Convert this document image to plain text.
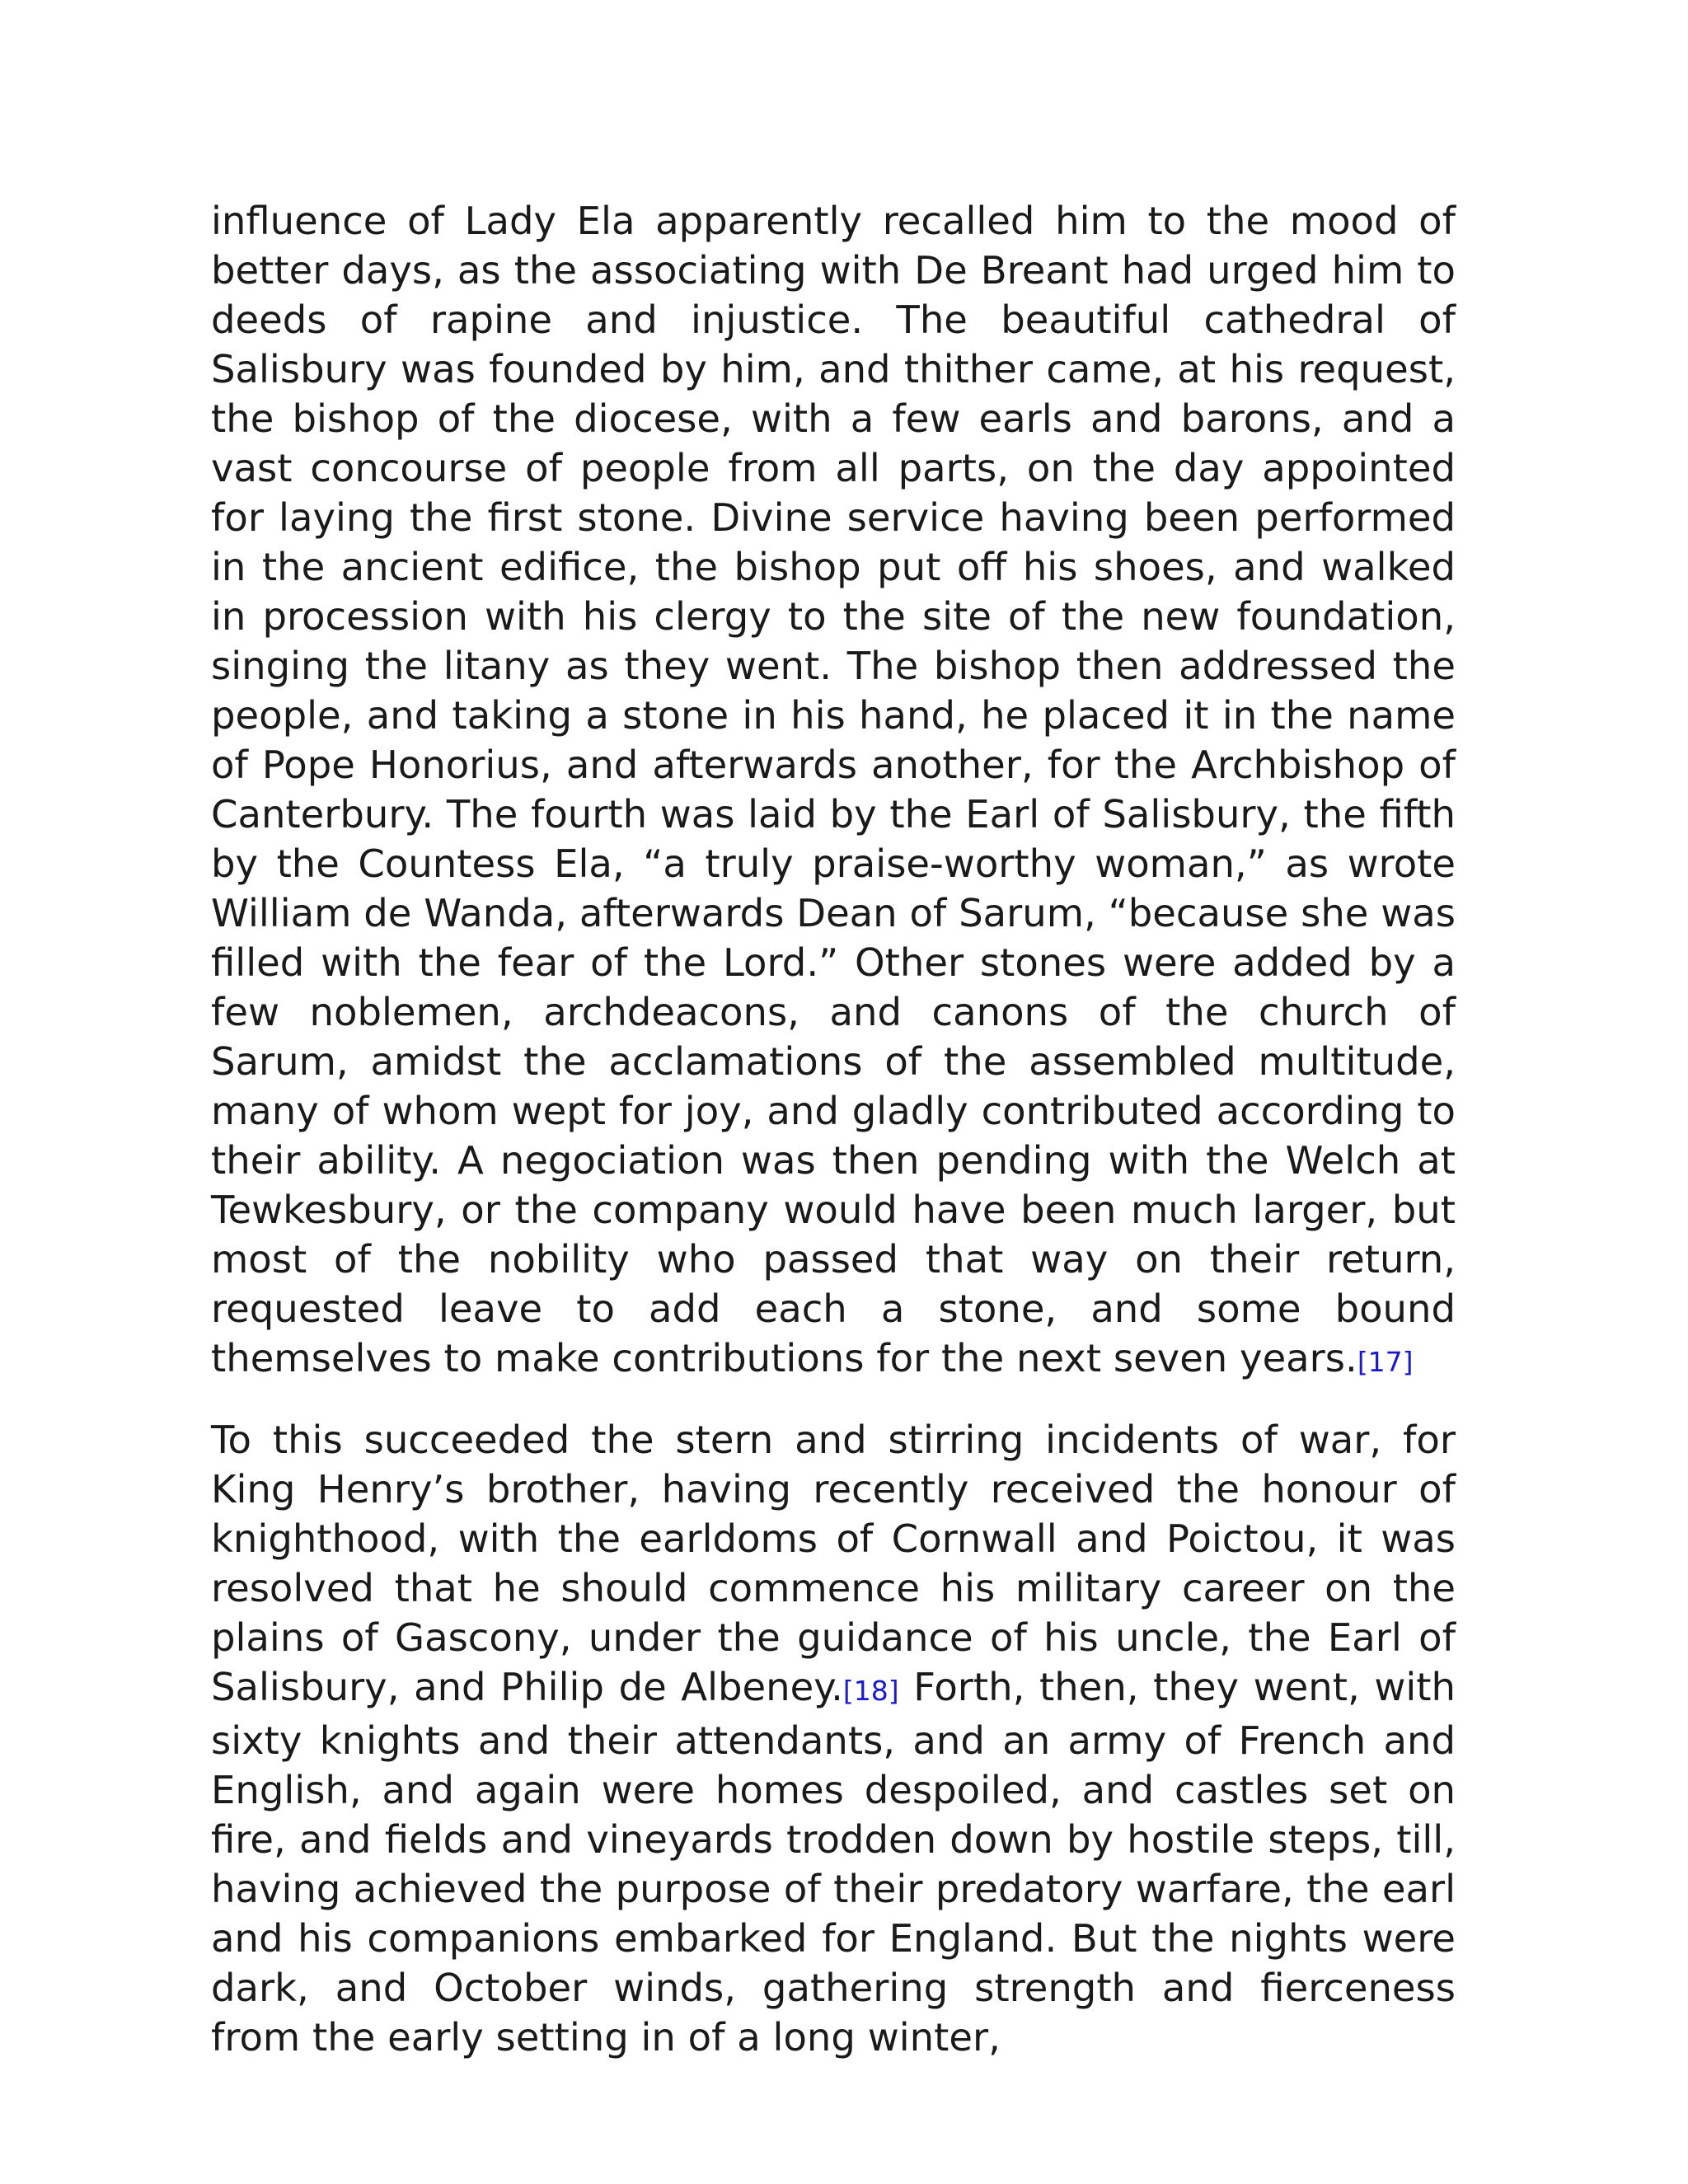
influence of Lady Ela apparently recalled him to the mood of better days, as the associating with De Breant had urged him to deeds of rapine and injustice. The beautiful cathedral of Salisbury was founded by him, and thither came, at his request, the bishop of the diocese, with a few earls and barons, and a vast concourse of people from all parts, on the day appointed for laying the first stone. Divine service having been performed in the ancient edifice, the bishop put off his shoes, and walked in procession with his clergy to the site of the new foundation, singing the litany as they went. The bishop then addressed the people, and taking a stone in his hand, he placed it in the name of Pope Honorius, and afterwards another, for the Archbishop of Canterbury. The fourth was laid by the Earl of Salisbury, the fifth by the Countess Ela, “a truly praise-worthy woman,” as wrote William de Wanda, afterwards Dean of Sarum, “because she was filled with the fear of the Lord.” Other stones were added by a few noblemen, archdeacons, and canons of the church of Sarum, amidst the acclamations of the assembled multitude, many of whom wept for joy, and gladly contributed according to their ability. A negociation was then pending with the Welch at Tewkesbury, or the company would have been much larger, but most of the nobility who passed that way on their return, requested leave to add each a stone, and some bound themselves to make contributions for the next seven years.[17]

To this succeeded the stern and stirring incidents of war, for King Henry’s brother, having recently received the honour of knighthood, with the earldoms of Cornwall and Poictou, it was resolved that he should commence his military career on the plains of Gascony, under the guidance of his uncle, the Earl of Salisbury, and Philip de Albeney.[18] Forth, then, they went, with sixty knights and their attendants, and an army of French and English, and again were homes despoiled, and castles set on fire, and fields and vineyards trodden down by hostile steps, till, having achieved the purpose of their predatory warfare, the earl and his companions embarked for England. But the nights were dark, and October winds, gathering strength and fierceness from the early setting in of a long winter,
